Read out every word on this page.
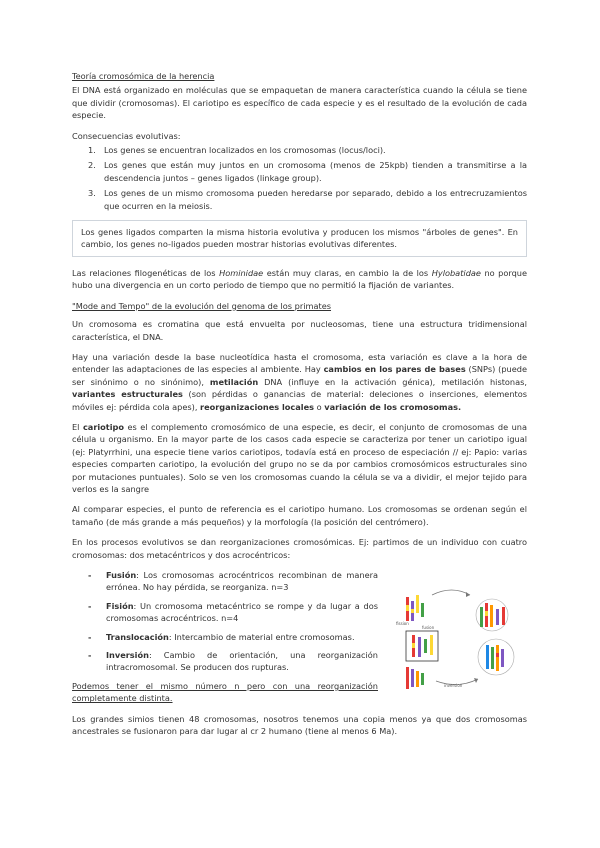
Teoría cromosómica de la herencia

El DNA está organizado en moléculas que se empaquetan de manera característica cuando la célula se tiene que dividir (cromosomas). El cariotipo es específico de cada especie y es el resultado de la evolución de cada especie.

Consecuencias evolutivas:

1. Los genes se encuentran localizados en los cromosomas (locus/loci).
2. Los genes que están muy juntos en un cromosoma (menos de 25kpb) tienden a transmitirse a la descendencia juntos – genes ligados (linkage group).
3. Los genes de un mismo cromosoma pueden heredarse por separado, debido a los entrecruzamientos que ocurren en la meiosis.
Los genes ligados comparten la misma historia evolutiva y producen los mismos "árboles de genes". En cambio, los genes no-ligados pueden mostrar historias evolutivas diferentes.

Las relaciones filogenéticas de los Hominidae están muy claras, en cambio la de los Hylobatidae no porque hubo una divergencia en un corto periodo de tiempo que no permitió la fijación de variantes.

"Mode and Tempo" de la evolución del genoma de los primates

Un cromosoma es cromatina que está envuelta por nucleosomas, tiene una estructura tridimensional característica, el DNA.

Hay una variación desde la base nucleotídica hasta el cromosoma, esta variación es clave a la hora de entender las adaptaciones de las especies al ambiente. Hay cambios en los pares de bases (SNPs) (puede ser sinónimo o no sinónimo), metilación DNA (influye en la activación génica), metilación histonas, variantes estructurales (son pérdidas o ganancias de material: deleciones o inserciones, elementos móviles ej: pérdida cola apes), reorganizaciones locales o variación de los cromosomas.

El cariotipo es el complemento cromosómico de una especie, es decir, el conjunto de cromosomas de una célula u organismo. En la mayor parte de los casos cada especie se caracteriza por tener un cariotipo igual (ej: Platyrrhini, una especie tiene varios cariotipos, todavía está en proceso de especiación // ej: Papio: varias especies comparten cariotipo, la evolución del grupo no se da por cambios cromosómicos estructurales sino por mutaciones puntuales). Solo se ven los cromosomas cuando la célula se va a dividir, el mejor tejido para verlos es la sangre

Al comparar especies, el punto de referencia es el cariotipo humano. Los cromosomas se ordenan según el tamaño (de más grande a más pequeños) y la morfología (la posición del centrómero).

En los procesos evolutivos se dan reorganizaciones cromosómicas. Ej: partimos de un individuo con cuatro cromosomas: dos metacéntricos y dos acrocéntricos:

- Fusión: Los cromosomas acrocéntricos recombinan de manera errónea. No hay pérdida, se reorganiza. n=3
- Fisión: Un cromosoma metacéntrico se rompe y da lugar a dos cromosomas acrocéntricos. n=4
- Translocación: Intercambio de material entre cromosomas.
- Inversión: Cambio de orientación, una reorganización intracromosomal. Se producen dos rupturas.

Podemos tener el mismo número n pero con una reorganización completamente distinta.

Los grandes simios tienen 48 cromosomas, nosotros tenemos una copia menos ya que dos cromosomas ancestrales se fusionaron para dar lugar al cr 2 humano (tiene al menos 6 Ma).

fission
fusion
inversion
